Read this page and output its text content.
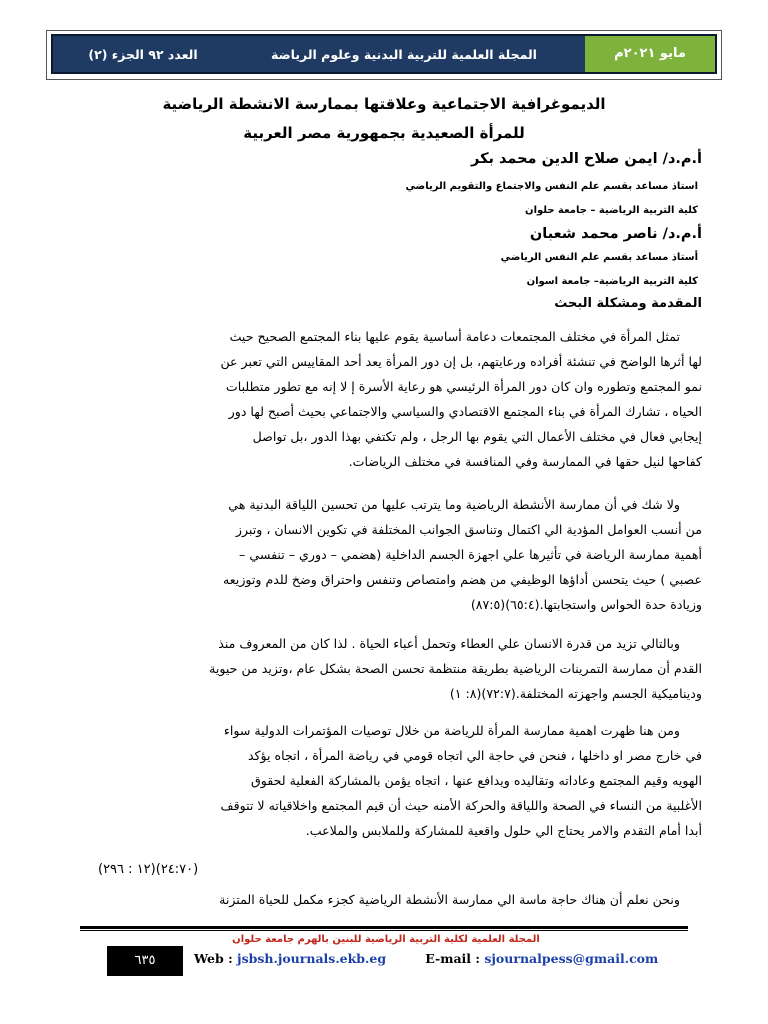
العدد ٩٢ الجزء (٢)	المجلة العلمية للتربية البدنية وعلوم الرياضة	مايو ٢٠٢١م
الديموغرافية الاجتماعية وعلاقتها بممارسة الانشطة الرياضية
للمرأة الصعيدية بجمهورية مصر العربية
أ.م.د/ ايمن صلاح الدين محمد بكر
استاذ مساعد بقسم علم النفس والاجتماع والتقويم الرياضي
كلية التربية الرياضية – جامعة حلوان
أ.م.د/ ناصر محمد شعبان
أستاذ مساعد بقسم علم النفس الرياضي
كلية التربية الرياضية– جامعة اسوان
المقدمة ومشكلة البحث

تمثل المرأة في مختلف المجتمعات دعامة أساسية يقوم عليها بناء المجتمع الصحيح حيث

لها أثرها الواضح في تنشئة أفراده ورعايتهم، بل إن دور المرأة يعد أحد المقاييس التي تعبر عن

نمو المجتمع وتطوره وان كان دور المرأة الرئيسي هو رعاية الأسرة إ لا إنه مع تطور متطلبات

الحياه ، تشارك المرأة في بناء المجتمع الاقتصادي والسياسي والاجتماعي بحيث أصبح لها دور

إيجابي فعال في مختلف الأعمال التي يقوم بها الرجل ، ولم تكتفي بهذا الدور ،بل تواصل

كفاحها لنيل حقها في الممارسة وفي المنافسة في مختلف الرياضات.

ولا شك في أن ممارسة الأنشطة الرياضية وما يترتب عليها من تحسين اللياقة البدنية هي

من أنسب العوامل المؤدية الي اكتمال وتناسق الجوانب المختلفة في تكوين الانسان ، وتبرز

أهمية ممارسة الرياضة في تأثيرها علي اجهزة الجسم الداخلية (هضمي – دوري – تنفسي –

عصبي ) حيث يتحسن أداؤها الوظيفي من هضم وامتصاص وتنفس واحتراق وضخ للدم وتوزيعه

وزيادة حدة الحواس واستجابتها.(٦٥:٤)(٨٧:٥)

وبالتالي تزيد من قدرة الانسان علي العطاء وتحمل أعباء الحياة . لذا كان من المعروف منذ

القدم أن ممارسة التمرينات الرياضية بطريقة منتظمة تحسن الصحة بشكل عام ،وتزيد من حيوية

وديناميكية الجسم واجهزته المختلفة.(٧٢:٧)(٨: ١)

ومن هنا ظهرت اهمية ممارسة المرأة للرياضة من خلال توصيات المؤتمرات الدولية سواء

في خارج مصر او داخلها ، فنحن في حاجة الي اتجاه قومي في رياضة المرأة ، اتجاه يؤكد

الهويه وقيم المجتمع وعاداته وتقاليده ويدافع عنها ، اتجاه يؤمن بالمشاركة الفعلية لحقوق

الأغلبية من النساء في الصحة واللياقة والحركة الأمنه حيث أن قيم المجتمع واخلاقياته لا تتوقف

أبدا أمام التقدم والامر يحتاج الي حلول واقعية للمشاركة وللملابس والملاعب.

(١٢ : ٢٩٦)(٢٤:٧٠)

ونحن نعلم أن هناك حاجة ماسة الي ممارسة الأنشطة الرياضية كجزء مكمل للحياة المتزنة

المجلة العلمية لكلية التربية الرياضية للبنين بالهرم جامعة حلوان
٦٣٥	Web : jsbsh.journals.ekb.eg	E-mail : sjournalpess@gmail.com
